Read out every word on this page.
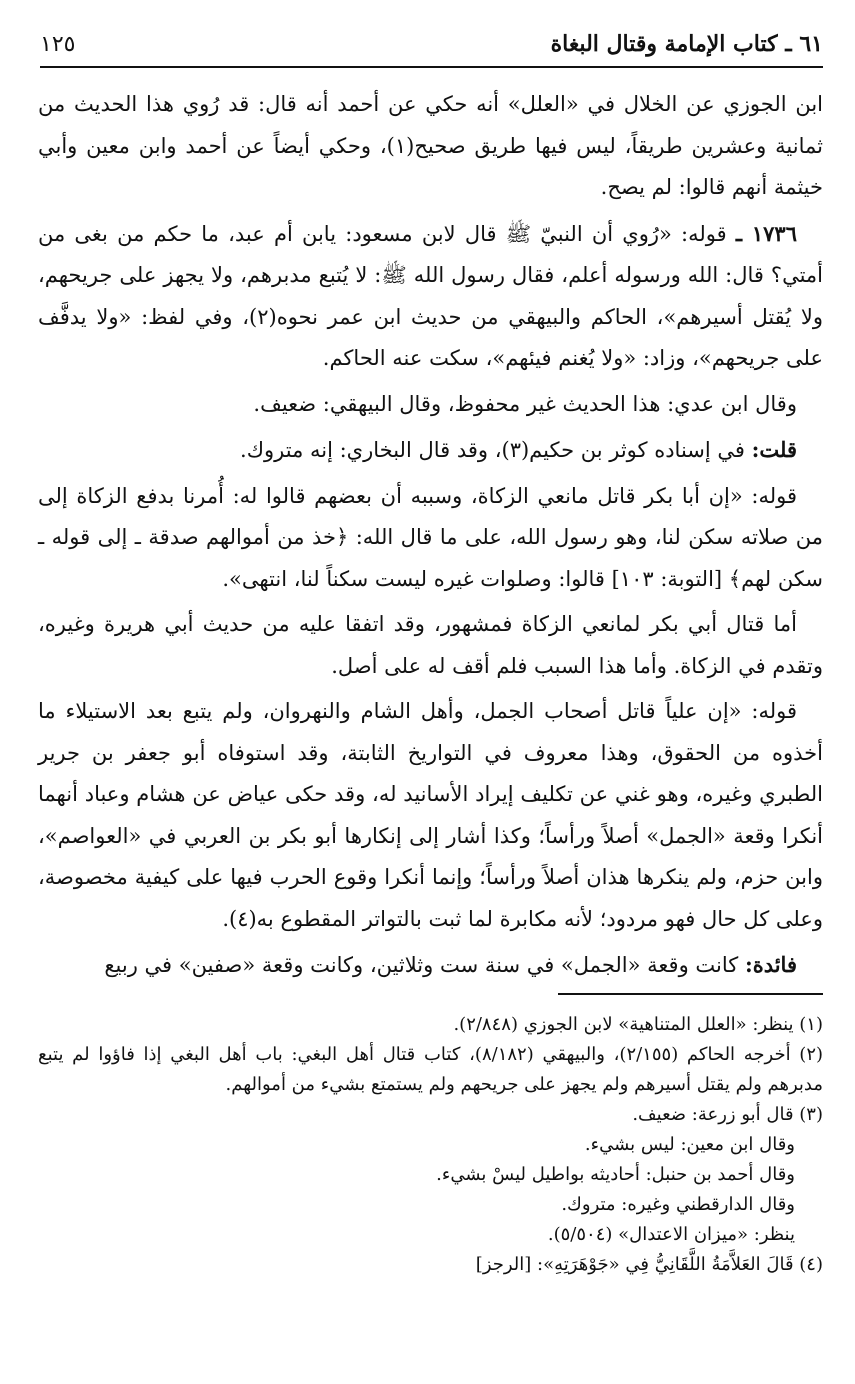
٦١ ـ كتاب الإمامة وقتال البغاة
١٢٥

ابن الجوزي عن الخلال في «العلل» أنه حكي عن أحمد أنه قال: قد رُوي هذا الحديث من ثمانية وعشرين طريقاً، ليس فيها طريق صحيح(١)، وحكي أيضاً عن أحمد وابن معين وأبي خيثمة أنهم قالوا: لم يصح.

١٧٣٦ ـ قوله: «رُوي أن النبيّ ﷺ قال لابن مسعود: يابن أم عبد، ما حكم من بغى من أمتي؟ قال: الله ورسوله أعلم، فقال رسول الله ﷺ: لا يُتبع مدبرهم، ولا يجهز على جريحهم، ولا يُقتل أسيرهم»، الحاكم والبيهقي من حديث ابن عمر نحوه(٢)، وفي لفظ: «ولا يدفَّف على جريحهم»، وزاد: «ولا يُغنم فيئهم»، سكت عنه الحاكم.

وقال ابن عدي: هذا الحديث غير محفوظ، وقال البيهقي: ضعيف.

قلت: في إسناده كوثر بن حكيم(٣)، وقد قال البخاري: إنه متروك.

قوله: «إن أبا بكر قاتل مانعي الزكاة، وسببه أن بعضهم قالوا له: أُمرنا بدفع الزكاة إلى من صلاته سكن لنا، وهو رسول الله، على ما قال الله: ﴿خذ من أموالهم صدقة ـ إلى قوله ـ سكن لهم﴾ [التوبة: ١٠٣] قالوا: وصلوات غيره ليست سكناً لنا، انتهى».

أما قتال أبي بكر لمانعي الزكاة فمشهور، وقد اتفقا عليه من حديث أبي هريرة وغيره، وتقدم في الزكاة. وأما هذا السبب فلم أقف له على أصل.

قوله: «إن علياً قاتل أصحاب الجمل، وأهل الشام والنهروان، ولم يتبع بعد الاستيلاء ما أخذوه من الحقوق، وهذا معروف في التواريخ الثابتة، وقد استوفاه أبو جعفر بن جرير الطبري وغيره، وهو غني عن تكليف إيراد الأسانيد له، وقد حكى عياض عن هشام وعباد أنهما أنكرا وقعة «الجمل» أصلاً ورأساً؛ وكذا أشار إلى إنكارها أبو بكر بن العربي في «العواصم»، وابن حزم، ولم ينكرها هذان أصلاً ورأساً؛ وإنما أنكرا وقوع الحرب فيها على كيفية مخصوصة، وعلى كل حال فهو مردود؛ لأنه مكابرة لما ثبت بالتواتر المقطوع به(٤).

فائدة: كانت وقعة «الجمل» في سنة ست وثلاثين، وكانت وقعة «صفين» في ربيع

(١) ينظر: «العلل المتناهية» لابن الجوزي (٢/٨٤٨).

(٢) أخرجه الحاكم (٢/١٥٥)، والبيهقي (٨/١٨٢)، كتاب قتال أهل البغي: باب أهل البغي إذا فاؤوا لم يتبع مدبرهم ولم يقتل أسيرهم ولم يجهز على جريحهم ولم يستمتع بشيء من أموالهم.

(٣) قال أبو زرعة: ضعيف.

وقال ابن معين: ليس بشيء.

وقال أحمد بن حنبل: أحاديثه بواطيل ليسْ بشيء.

وقال الدارقطني وغيره: متروك.

ينظر: «ميزان الاعتدال» (٥/٥٠٤).

(٤) قَالَ العَلاَّمَةُ اللَّقَانِيُّ فِي «جَوْهَرَتِهِ»: [الرجز]
